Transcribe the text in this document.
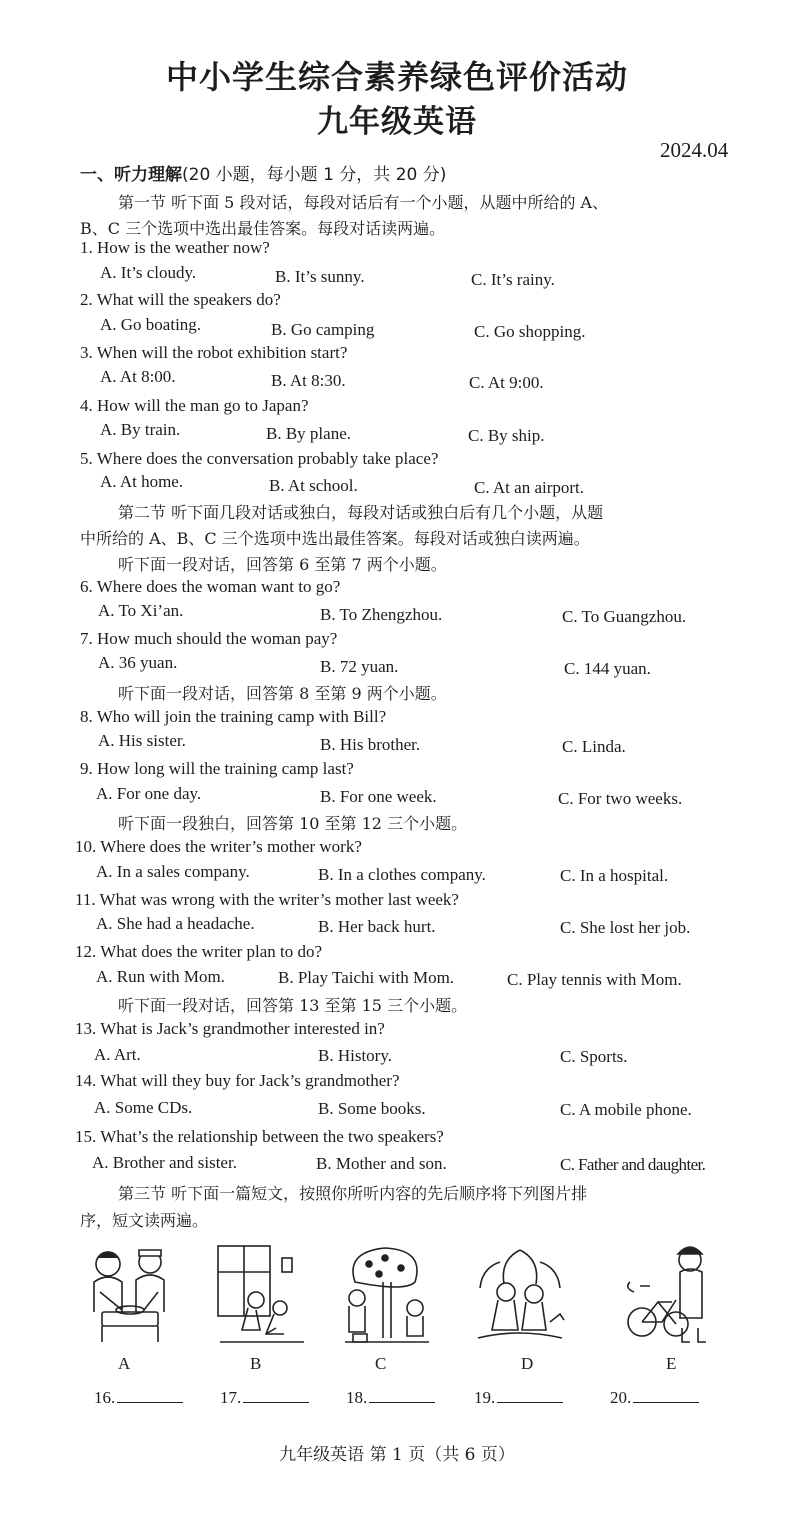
中小学生综合素养绿色评价活动
九年级英语
2024.04
一、听力理解(20 小题，每小题 1 分，共 20 分)
第一节 听下面 5 段对话，每段对话后有一个小题，从题中所给的 A、
B、C 三个选项中选出最佳答案。每段对话读两遍。
1. How is the weather now?
A. It’s cloudy.	B. It’s sunny.	C. It’s rainy.
2. What will the speakers do?
A. Go boating.	B. Go camping	C. Go shopping.
3. When will the robot exhibition start?
A. At 8:00.	B. At 8:30.	C. At 9:00.
4. How will the man go to Japan?
A. By train.	B. By plane.	C. By ship.
5. Where does the conversation probably take place?
A. At home.	B. At school.	C. At an airport.
第二节 听下面几段对话或独白，每段对话或独白后有几个小题，从题
中所给的 A、B、C 三个选项中选出最佳答案。每段对话或独白读两遍。
听下面一段对话，回答第 6 至第 7 两个小题。
6. Where does the woman want to go?
A. To Xi’an.	B. To Zhengzhou.	C. To Guangzhou.
7. How much should the woman pay?
A. 36 yuan.	B. 72 yuan.	C. 144 yuan.
听下面一段对话，回答第 8 至第 9 两个小题。
8. Who will join the training camp with Bill?
A. His sister.	B. His brother.	C. Linda.
9. How long will the training camp last?
A. For one day.	B. For one week.	C. For two weeks.
听下面一段独白，回答第 10 至第 12 三个小题。
10. Where does the writer’s mother work?
A. In a sales company.	B. In a clothes company.	C. In a hospital.
11. What was wrong with the writer’s mother last week?
A. She had a headache.	B. Her back hurt.	C. She lost her job.
12. What does the writer plan to do?
A. Run with Mom.	B. Play Taichi with Mom.	C. Play tennis with Mom.
听下面一段对话，回答第 13 至第 15 三个小题。
13. What is Jack’s grandmother interested in?
A. Art.	B. History.	C. Sports.
14. What will they buy for Jack’s grandmother?
A. Some CDs.	B. Some books.	C. A mobile phone.
15. What’s the relationship between the two speakers?
A. Brother and sister.	B. Mother and son.	C. Father and daughter.
第三节 听下面一篇短文，按照你所听内容的先后顺序将下列图片排
序，短文读两遍。
A	B	C	D	E
16.	17.	18.	19.	20.
九年级英语 第 1 页（共 6 页）
